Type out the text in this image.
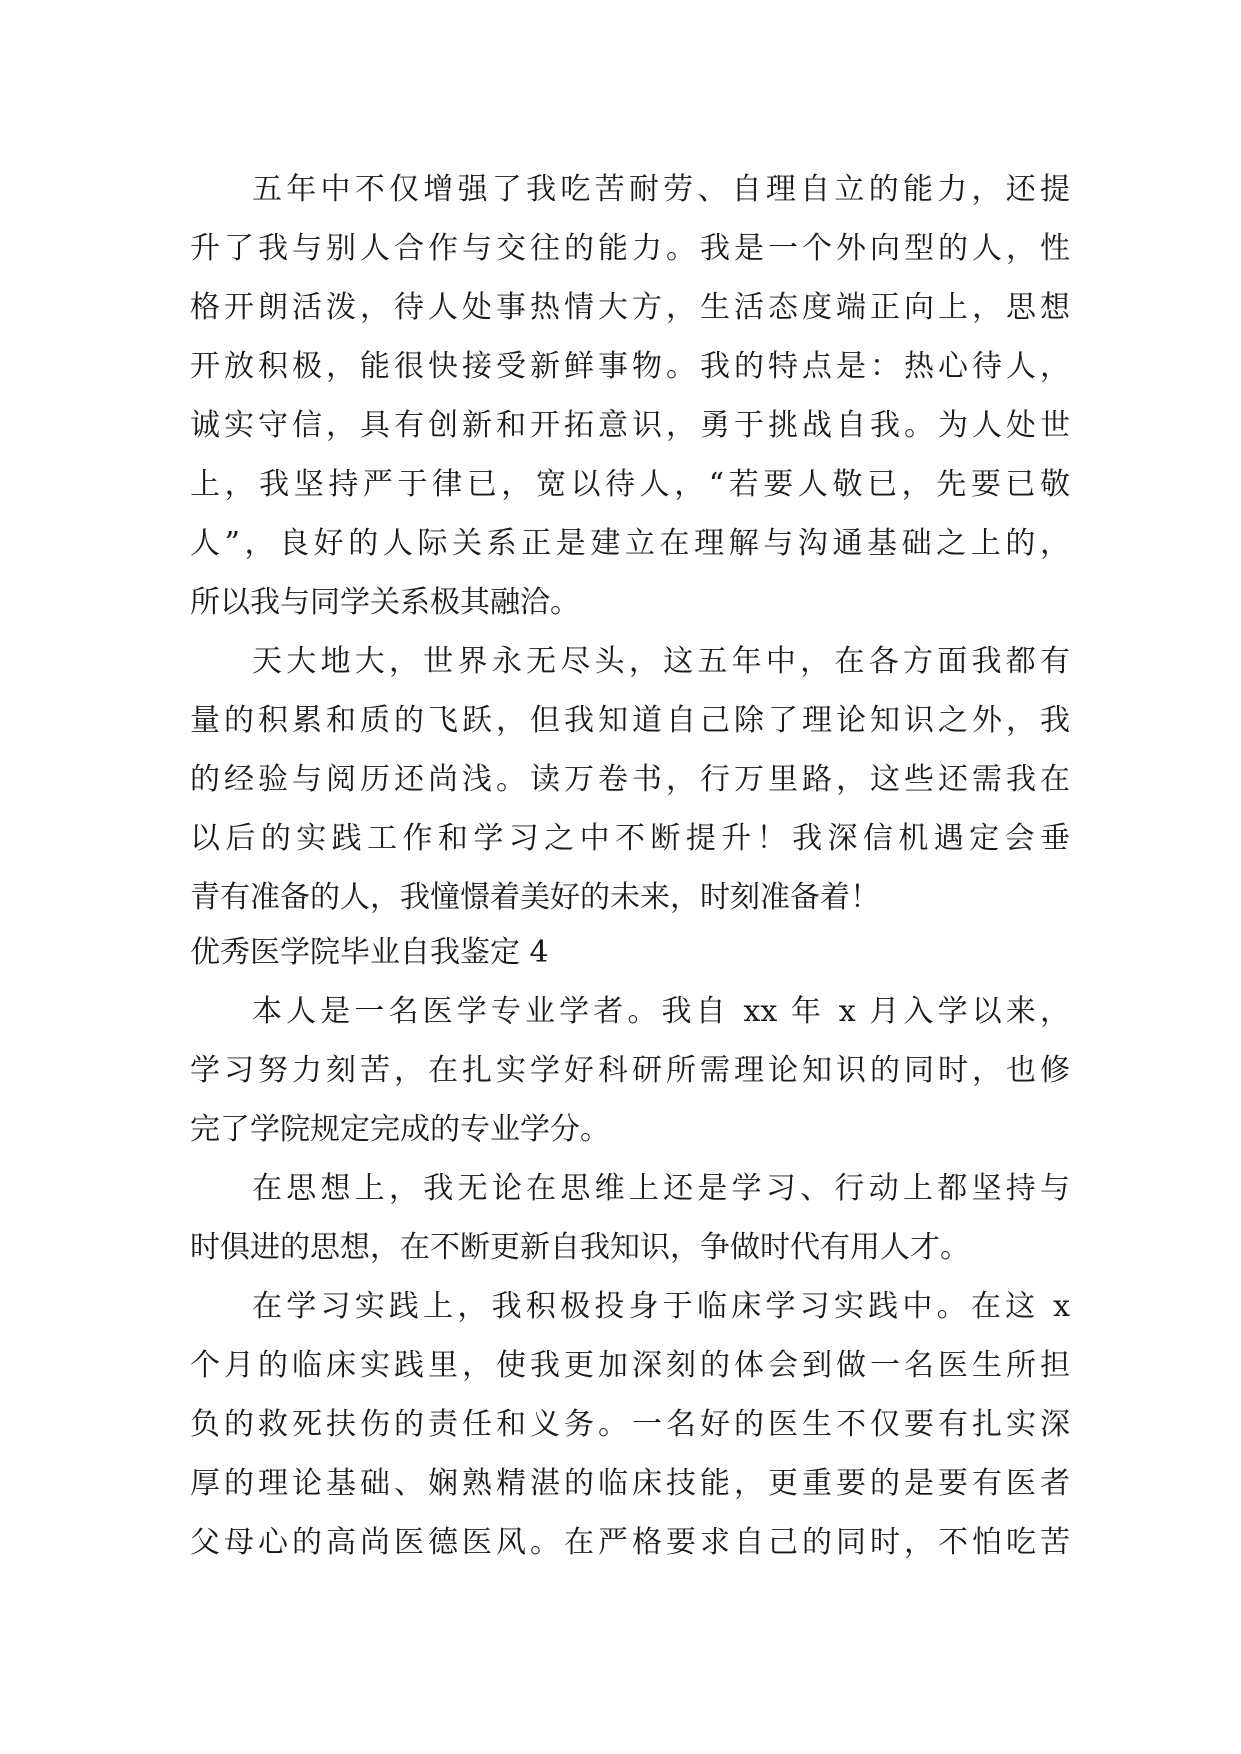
五年中不仅增强了我吃苦耐劳、自理自立的能力，还提

升了我与别人合作与交往的能力。我是一个外向型的人，性

格开朗活泼，待人处事热情大方，生活态度端正向上，思想

开放积极，能很快接受新鲜事物。我的特点是：热心待人，

诚实守信，具有创新和开拓意识，勇于挑战自我。为人处世

上，我坚持严于律已，宽以待人，“若要人敬已，先要已敬

人”，良好的人际关系正是建立在理解与沟通基础之上的，

所以我与同学关系极其融洽。

天大地大，世界永无尽头，这五年中，在各方面我都有

量的积累和质的飞跃，但我知道自己除了理论知识之外，我

的经验与阅历还尚浅。读万卷书，行万里路，这些还需我在

以后的实践工作和学习之中不断提升！我深信机遇定会垂

青有准备的人，我憧憬着美好的未来，时刻准备着！

优秀医学院毕业自我鉴定 4

本人是一名医学专业学者。我自 xx 年 x 月入学以来，

学习努力刻苦，在扎实学好科研所需理论知识的同时，也修

完了学院规定完成的专业学分。

在思想上，我无论在思维上还是学习、行动上都坚持与

时俱进的思想，在不断更新自我知识，争做时代有用人才。

在学习实践上，我积极投身于临床学习实践中。在这 x

个月的临床实践里，使我更加深刻的体会到做一名医生所担

负的救死扶伤的责任和义务。一名好的医生不仅要有扎实深

厚的理论基础、娴熟精湛的临床技能，更重要的是要有医者

父母心的高尚医德医风。在严格要求自己的同时，不怕吃苦
